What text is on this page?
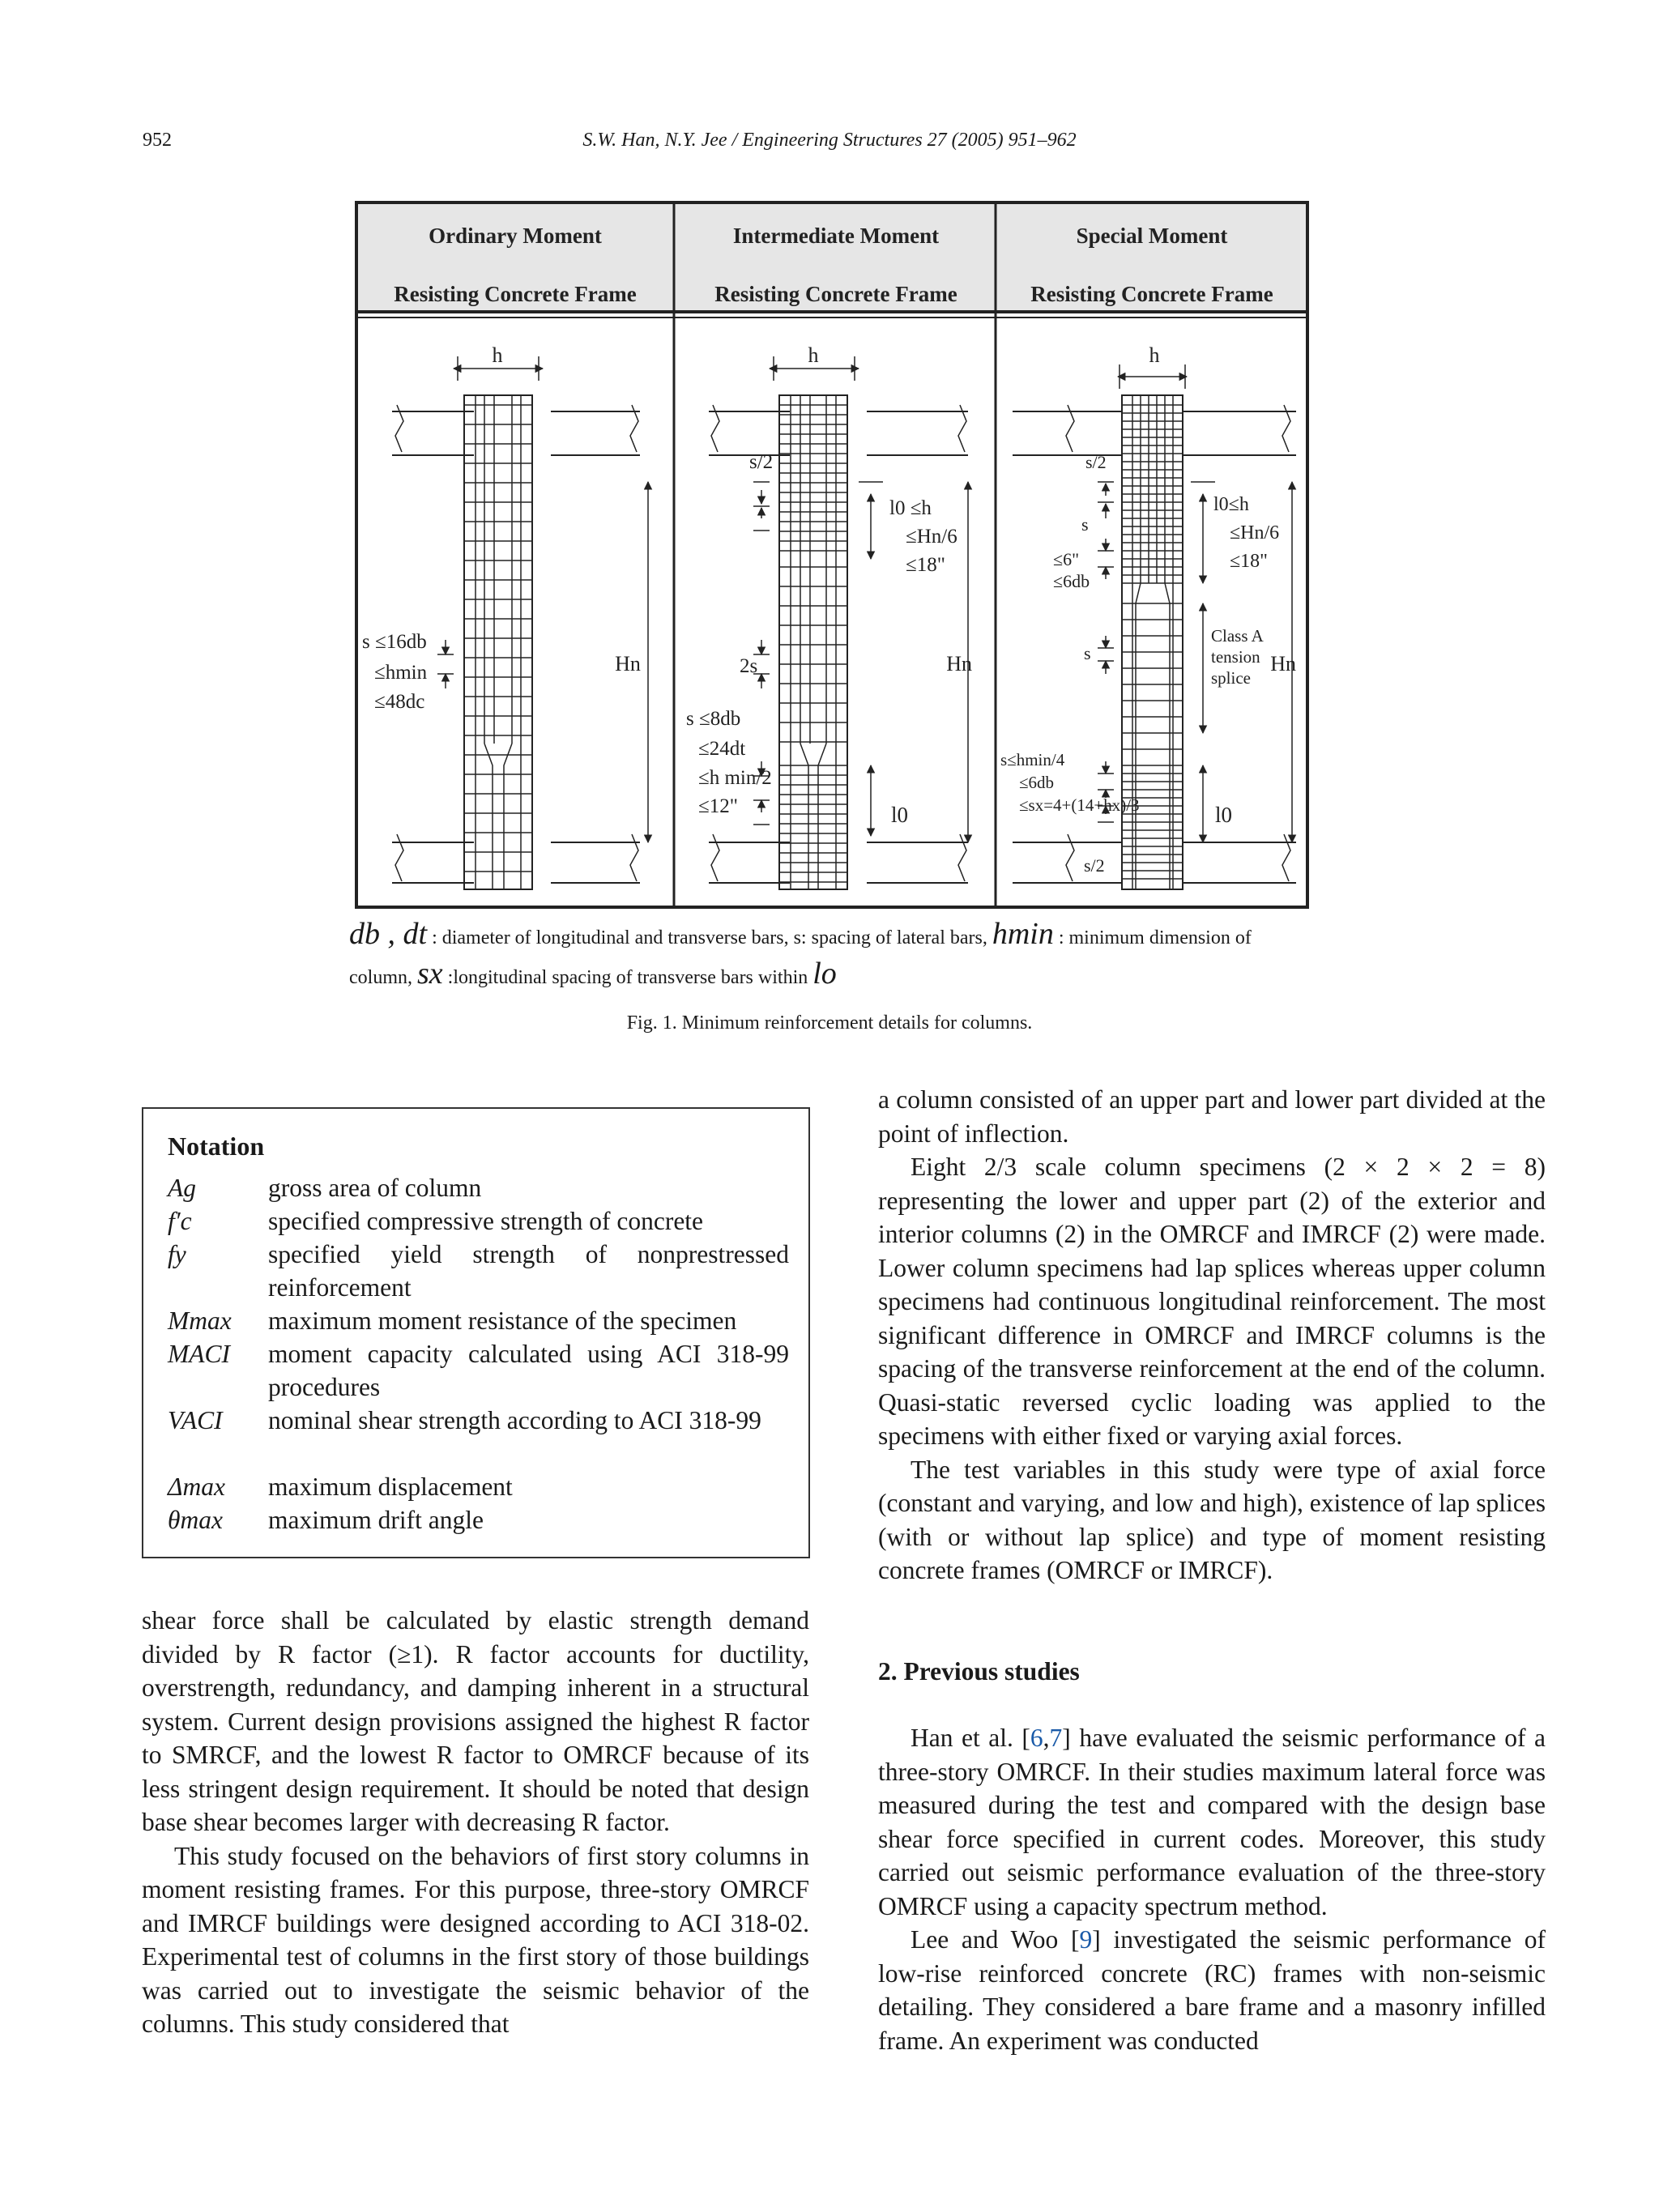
952	S.W. Han, N.Y. Jee / Engineering Structures 27 (2005) 951–962
Ordinary Moment
Resisting Concrete Frame
Intermediate Moment
Resisting Concrete Frame
Special Moment
Resisting Concrete Frame
h
Hn
s ≤16db
≤hmin
≤48dc
h
Hn
s/2
l0 ≤h
≤Hn/6
≤18"
2s
s ≤8db
≤24dt
≤h min/2
≤12"	l0
h
Hn
s/2
s
≤6"
≤6db
l0≤h
≤Hn/6
≤18"
s
Class A
tension
splice
s≤hmin/4
≤6db
≤sx=4+(14+hx)/3	l0
s/2
db , dt : diameter of longitudinal and transverse bars, s: spacing of lateral bars, hmin : minimum dimension of
column, sx :longitudinal spacing of transverse bars within lo
Fig. 1. Minimum reinforcement details for columns.
Notation
Ag	gross area of column
f′c	specified compressive strength of concrete
fy	specified yield strength of nonprestressed reinforcement
Mmax	maximum moment resistance of the specimen
MACI	moment capacity calculated using ACI 318-99 procedures
VACI	nominal shear strength according to ACI 318-99
Δmax	maximum displacement
θmax	maximum drift angle

shear force shall be calculated by elastic strength demand divided by R factor (≥1). R factor accounts for ductility, overstrength, redundancy, and damping inherent in a structural system. Current design provisions assigned the highest R factor to SMRCF, and the lowest R factor to OMRCF because of its less stringent design requirement. It should be noted that design base shear becomes larger with decreasing R factor.

This study focused on the behaviors of first story columns in moment resisting frames. For this purpose, three-story OMRCF and IMRCF buildings were designed according to ACI 318-02. Experimental test of columns in the first story of those buildings was carried out to investigate the seismic behavior of the columns. This study considered that

a column consisted of an upper part and lower part divided at the point of inflection.

Eight 2/3 scale column specimens (2 × 2 × 2 = 8) representing the lower and upper part (2) of the exterior and interior columns (2) in the OMRCF and IMRCF (2) were made. Lower column specimens had lap splices whereas upper column specimens had continuous longitudinal reinforcement. The most significant difference in OMRCF and IMRCF columns is the spacing of the transverse reinforcement at the end of the column. Quasi-static reversed cyclic loading was applied to the specimens with either fixed or varying axial forces.

The test variables in this study were type of axial force (constant and varying, and low and high), existence of lap splices (with or without lap splice) and type of moment resisting concrete frames (OMRCF or IMRCF).

2. Previous studies

Han et al. [6,7] have evaluated the seismic performance of a three-story OMRCF. In their studies maximum lateral force was measured during the test and compared with the design base shear force specified in current codes. Moreover, this study carried out seismic performance evaluation of the three-story OMRCF using a capacity spectrum method.

Lee and Woo [9] investigated the seismic performance of low-rise reinforced concrete (RC) frames with non-seismic detailing. They considered a bare frame and a masonry infilled frame. An experiment was conducted
